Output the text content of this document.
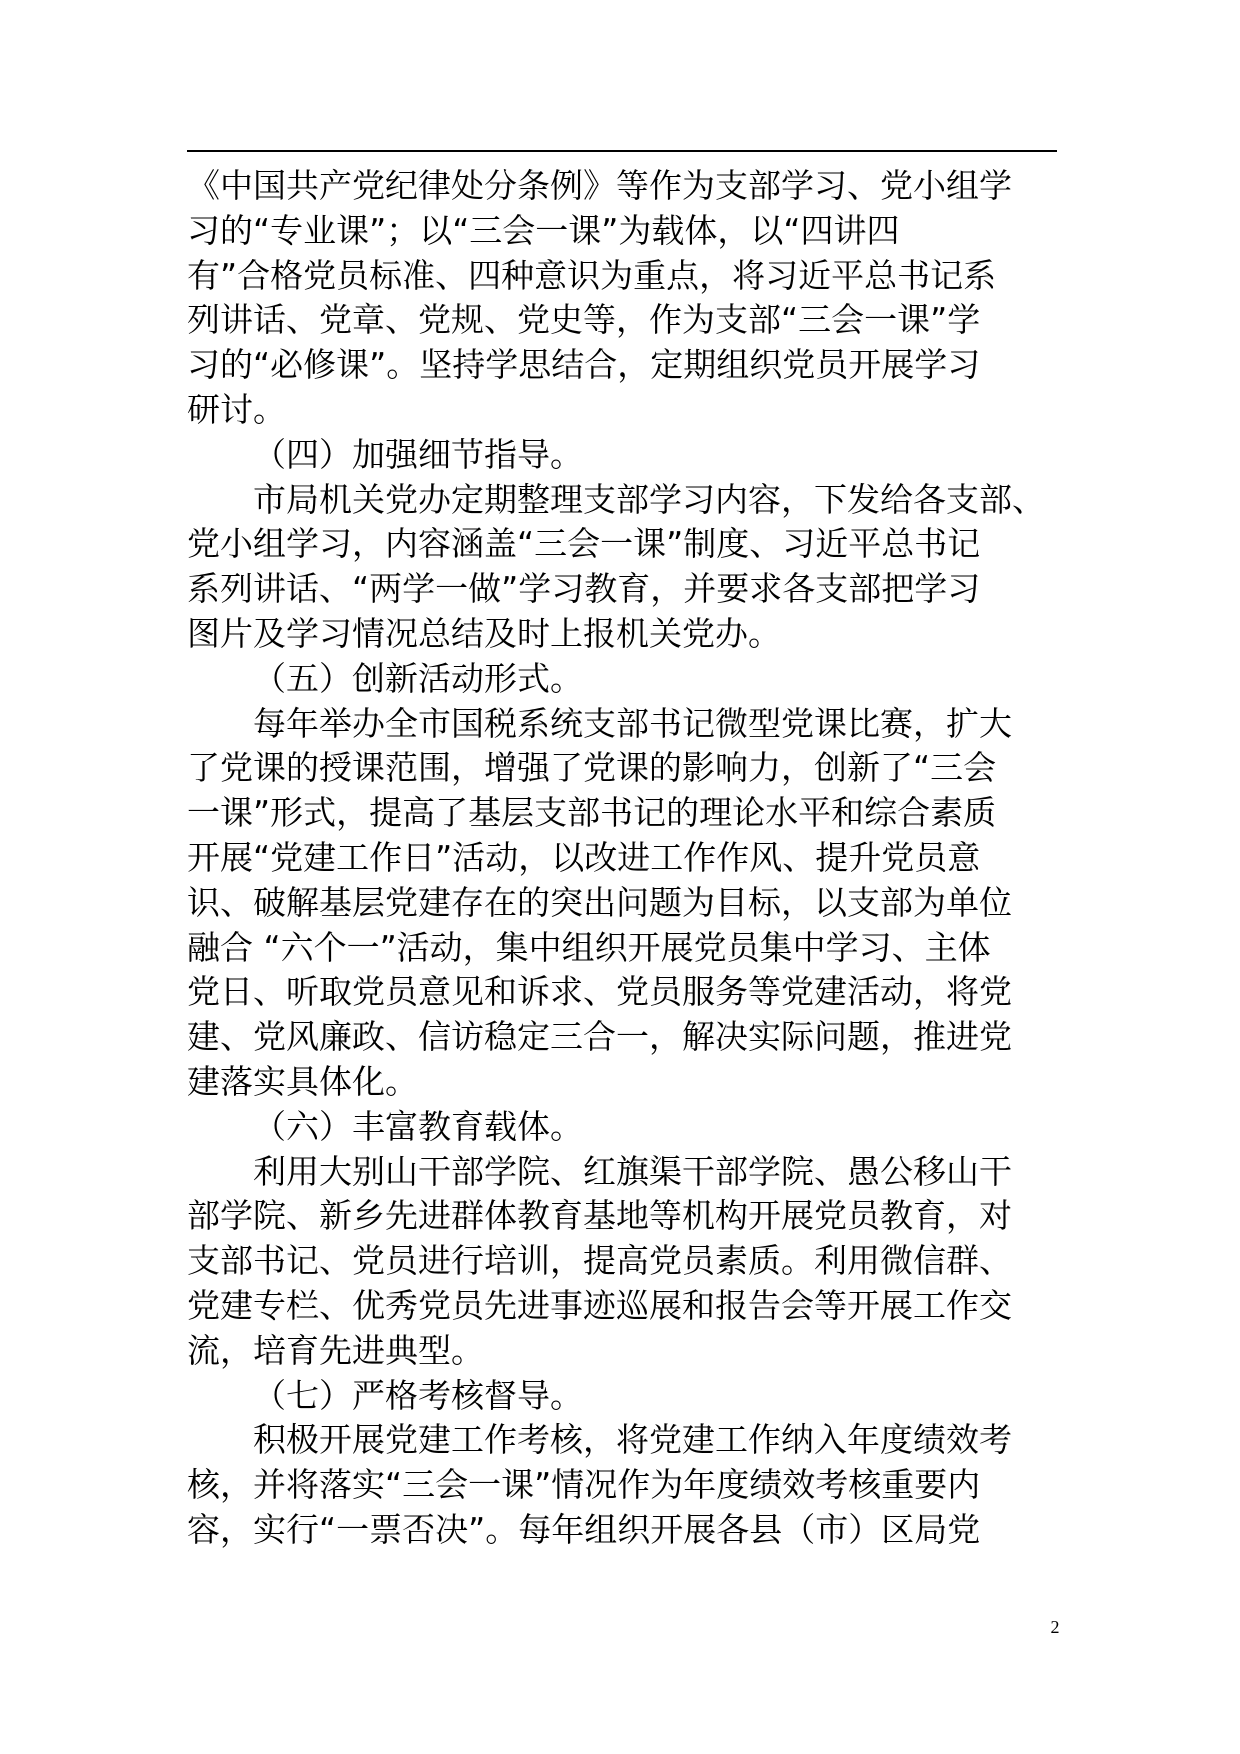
《中国共产党纪律处分条例》等作为支部学习、党小组学
习的“专业课”；以“三会一课”为载体，以“四讲四
有”合格党员标准、四种意识为重点，将习近平总书记系
列讲话、党章、党规、党史等，作为支部“三会一课”学
习的“必修课”。坚持学思结合，定期组织党员开展学习
研讨。
（四）加强细节指导。
市局机关党办定期整理支部学习内容，下发给各支部、
党小组学习，内容涵盖“三会一课”制度、习近平总书记
系列讲话、“两学一做”学习教育，并要求各支部把学习
图片及学习情况总结及时上报机关党办。
（五）创新活动形式。
每年举办全市国税系统支部书记微型党课比赛，扩大
了党课的授课范围，增强了党课的影响力，创新了“三会
一课”形式，提高了基层支部书记的理论水平和综合素质
开展“党建工作日”活动，以改进工作作风、提升党员意
识、破解基层党建存在的突出问题为目标，以支部为单位
融合 “六个一”活动，集中组织开展党员集中学习、主体
党日、听取党员意见和诉求、党员服务等党建活动，将党
建、党风廉政、信访稳定三合一，解决实际问题，推进党
建落实具体化。
（六）丰富教育载体。
利用大别山干部学院、红旗渠干部学院、愚公移山干
部学院、新乡先进群体教育基地等机构开展党员教育，对
支部书记、党员进行培训，提高党员素质。利用微信群、
党建专栏、优秀党员先进事迹巡展和报告会等开展工作交
流，培育先进典型。
（七）严格考核督导。
积极开展党建工作考核，将党建工作纳入年度绩效考
核，并将落实“三会一课”情况作为年度绩效考核重要内
容，实行“一票否决”。每年组织开展各县（市）区局党
2
